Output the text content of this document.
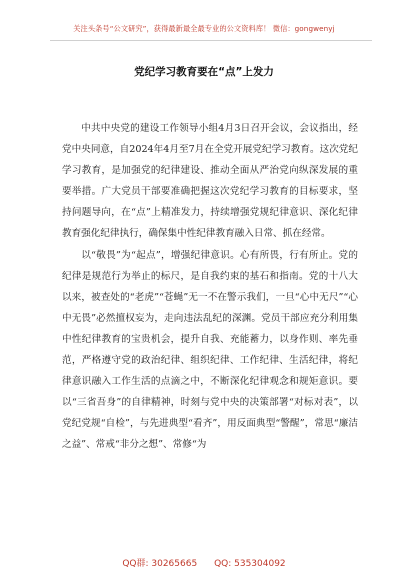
关注头条号“公文研究”，获得最新最全最专业的公文资料库！ 微信：gongwenyj
党纪学习教育要在“点”上发力

中共中央党的建设工作领导小组4月3日召开会议，会议指出，经党中央同意，自2024年4月至7月在全党开展党纪学习教育。这次党纪学习教育，是加强党的纪律建设、推动全面从严治党向纵深发展的重要举措。广大党员干部要准确把握这次党纪学习教育的目标要求，坚持问题导向，在“点”上精准发力，持续增强党规纪律意识、深化纪律教育强化纪律执行，确保集中性纪律教育融入日常、抓在经常。

以“敬畏”为“起点”，增强纪律意识。心有所畏，行有所止。党的纪律是规范行为举止的标尺，是自我约束的基石和指南。党的十八大以来，被查处的“老虎”“苍蝇”无一不在警示我们，一旦“心中无尺”“心中无畏”必然擅权妄为，走向违法乱纪的深渊。党员干部应充分利用集中性纪律教育的宝贵机会，提升自我、充能蓄力，以身作则、率先垂范，严格遵守党的政治纪律、组织纪律、工作纪律、生活纪律，将纪律意识融入工作生活的点滴之中，不断深化纪律观念和规矩意识。要以“三省吾身”的自律精神，时刻与党中央的决策部署“对标对表”，以党纪党规“自检”，与先进典型“看齐”，用反面典型“警醒”，常思“廉洁之益”、常戒“非分之想”、常修“为

QQ群: 30265665 QQ: 535304092
